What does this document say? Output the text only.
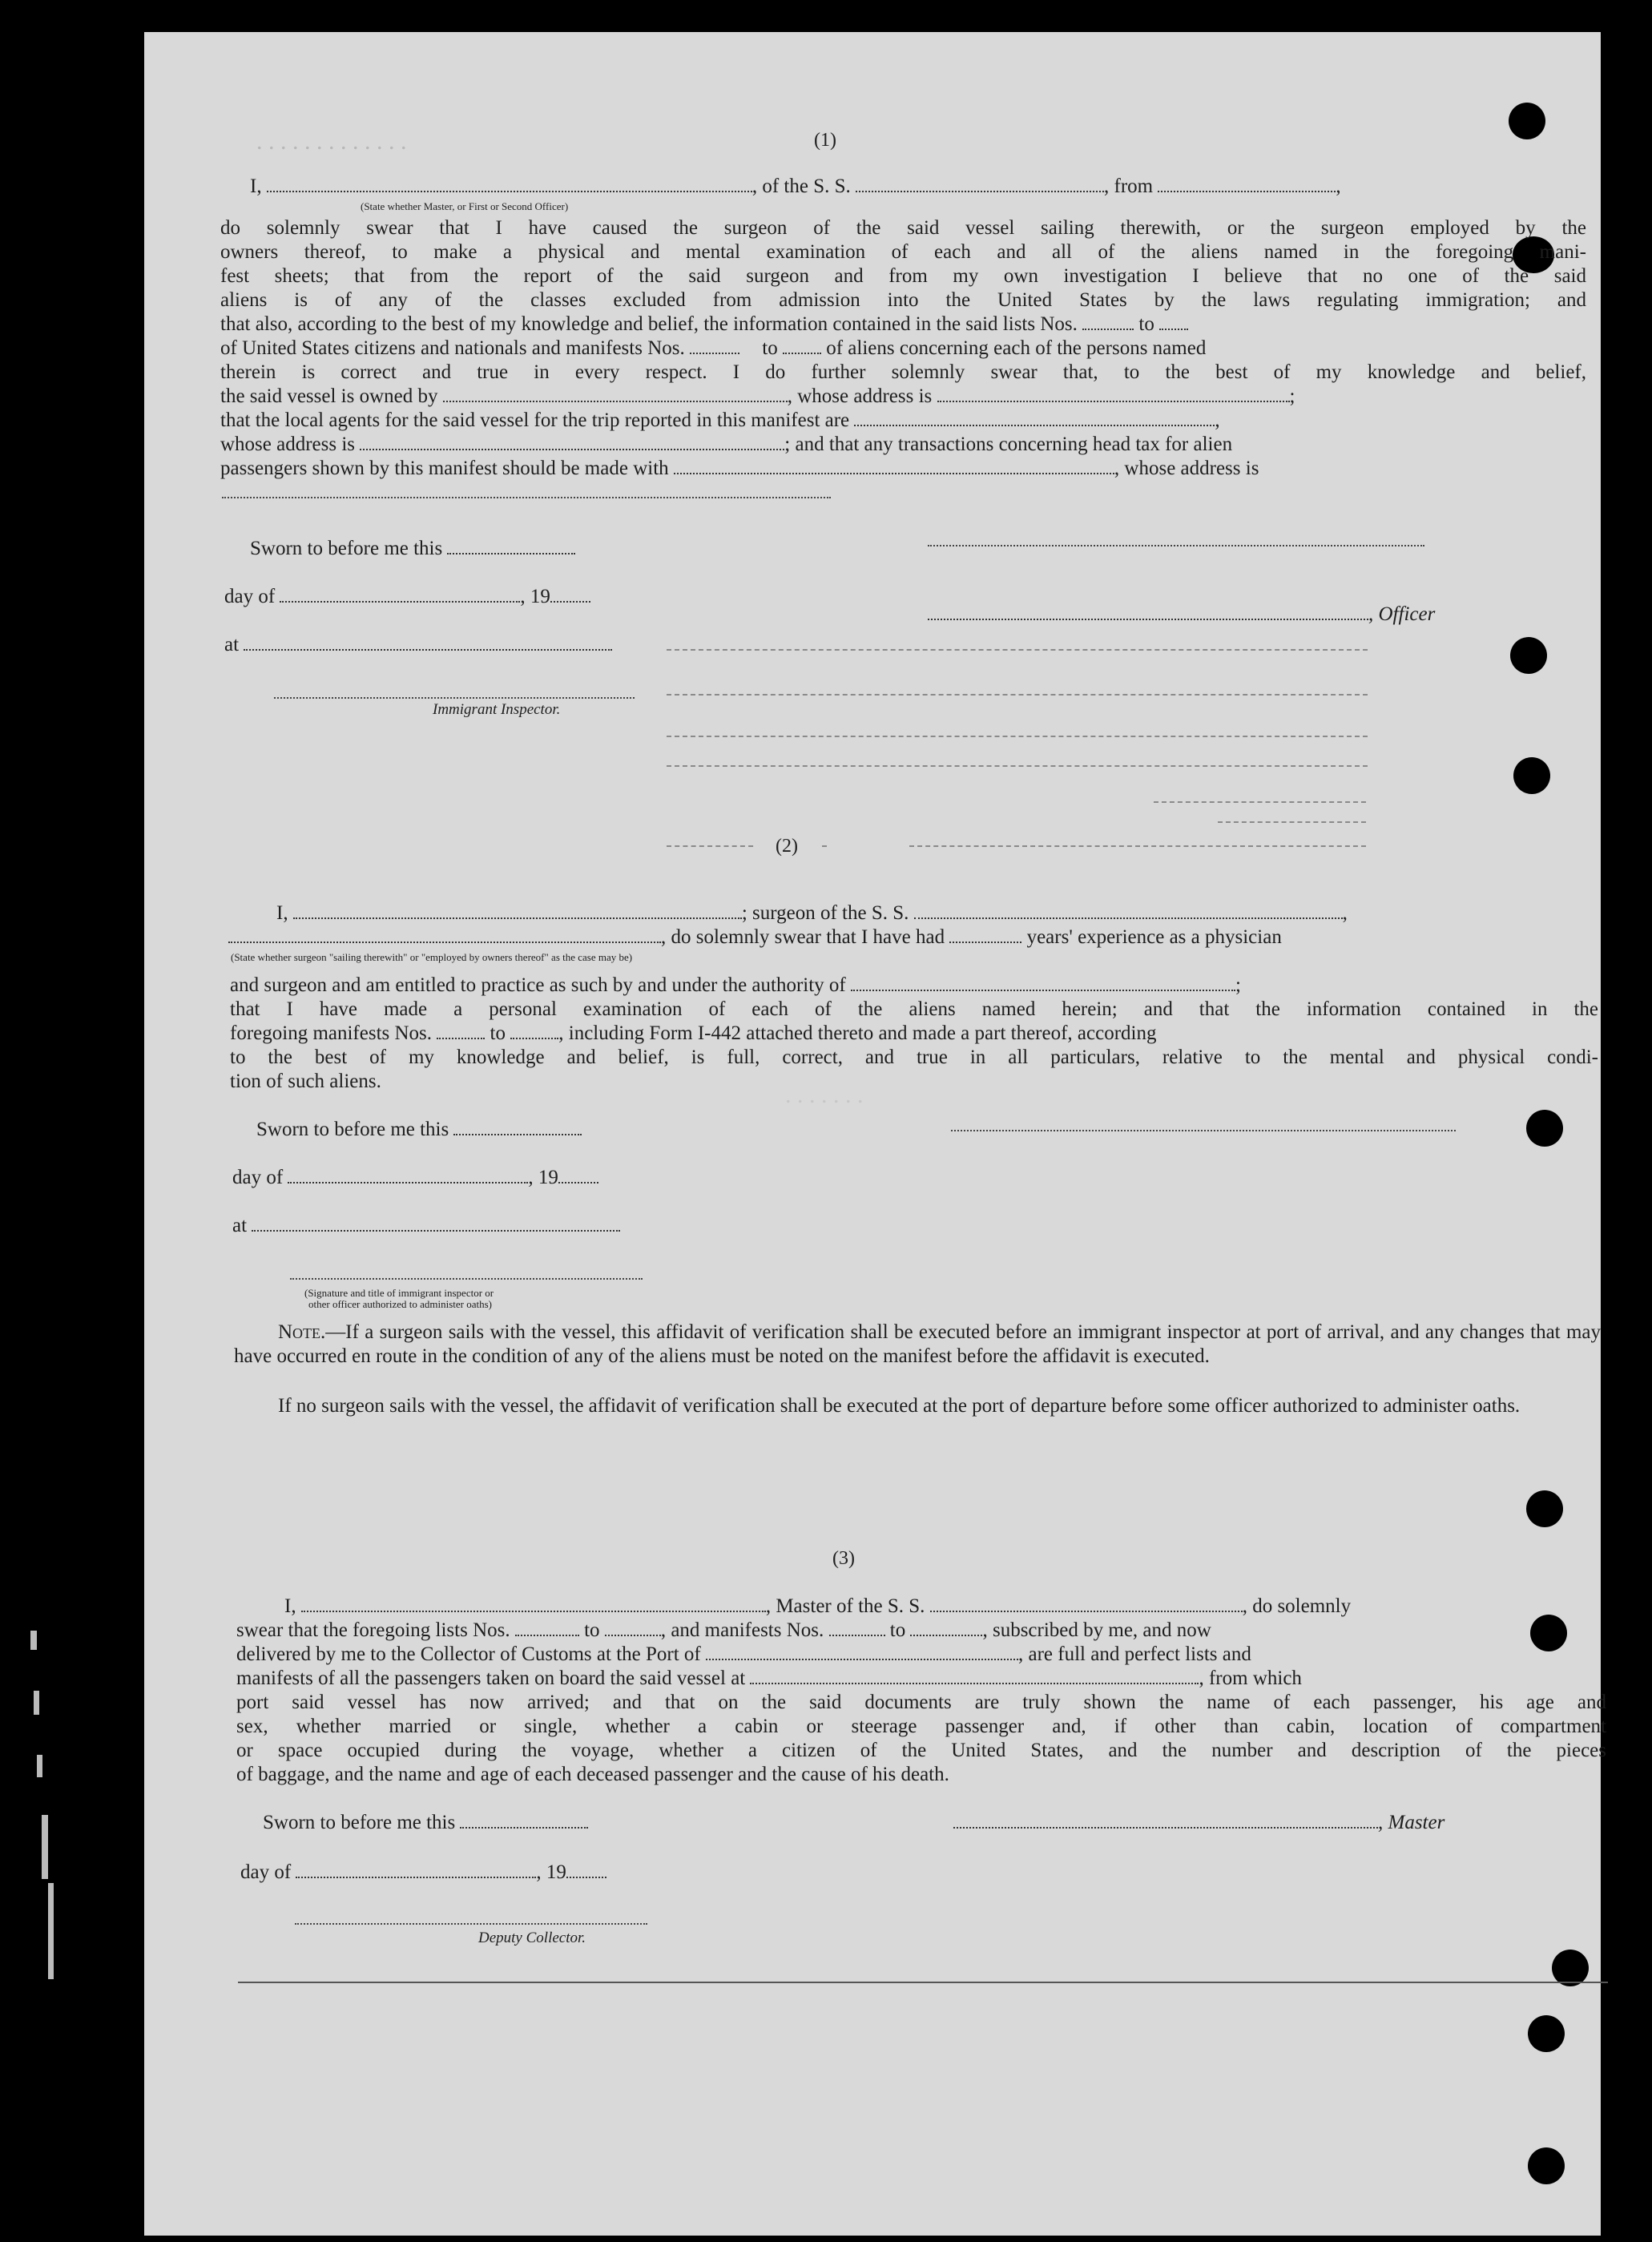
. . . . . . . . . . . . .
. . . . . . .
(1)
I,	, of the S. S.	, from	,
(State whether Master, or First or Second Officer)
do solemnly swear that I have caused the surgeon of the said vessel sailing therewith, or the surgeon employed by the
owners thereof, to make a physical and mental examination of each and all of the aliens named in the foregoing mani-
fest sheets; that from the report of the said surgeon and from my own investigation I believe that no one of the said
aliens is of any of the classes excluded from admission into the United States by the laws regulating immigration; and
that also, according to the best of my knowledge and belief, the information contained in the said lists Nos.	to
of United States citizens and nationals and manifests Nos.	to of aliens concerning each of the persons named
therein is correct and true in every respect. I do further solemnly swear that, to the best of my knowledge and belief,
the said vessel is owned by	, whose address is	;
that the local agents for the said vessel for the trip reported in this manifest are	,
whose address is	; and that any transactions concerning head tax for alien
passengers shown by this manifest should be made with	, whose address is
Sworn to before me this
day of	, 19
, Officer
at
Immigrant Inspector.
(2)
I,	; surgeon of the S. S.	,
, do solemnly swear that I have had	years' experience as a physician
(State whether surgeon "sailing therewith" or "employed by owners thereof" as the case may be)
and surgeon and am entitled to practice as such by and under the authority of	;
that I have made a personal examination of each of the aliens named herein; and that the information contained in the
foregoing manifests Nos.	to	, including Form I-442 attached thereto and made a part thereof, according
to the best of my knowledge and belief, is full, correct, and true in all particulars, relative to the mental and physical condi-
tion of such aliens.
Sworn to before me this
day of	, 19
at
(Signature and title of immigrant inspector or
other officer authorized to administer oaths)
Note.—If a surgeon sails with the vessel, this affidavit of verification shall be executed before an immigrant inspector at port of arrival, and any changes that may have occurred en route in the condition of any of the aliens must be noted on the manifest before the affidavit is executed.
If no surgeon sails with the vessel, the affidavit of verification shall be executed at the port of departure before some officer authorized to administer oaths.
(3)
I,	, Master of the S. S.	, do solemnly
swear that the foregoing lists Nos.	to	, and manifests Nos.	to	, subscribed by me, and now
delivered by me to the Collector of Customs at the Port of	, are full and perfect lists and
manifests of all the passengers taken on board the said vessel at	, from which
port said vessel has now arrived; and that on the said documents are truly shown the name of each passenger, his age and
sex, whether married or single, whether a cabin or steerage passenger and, if other than cabin, location of compartment
or space occupied during the voyage, whether a citizen of the United States, and the number and description of the pieces
of baggage, and the name and age of each deceased passenger and the cause of his death.
Sworn to before me this	, Master
day of	, 19
Deputy Collector.
